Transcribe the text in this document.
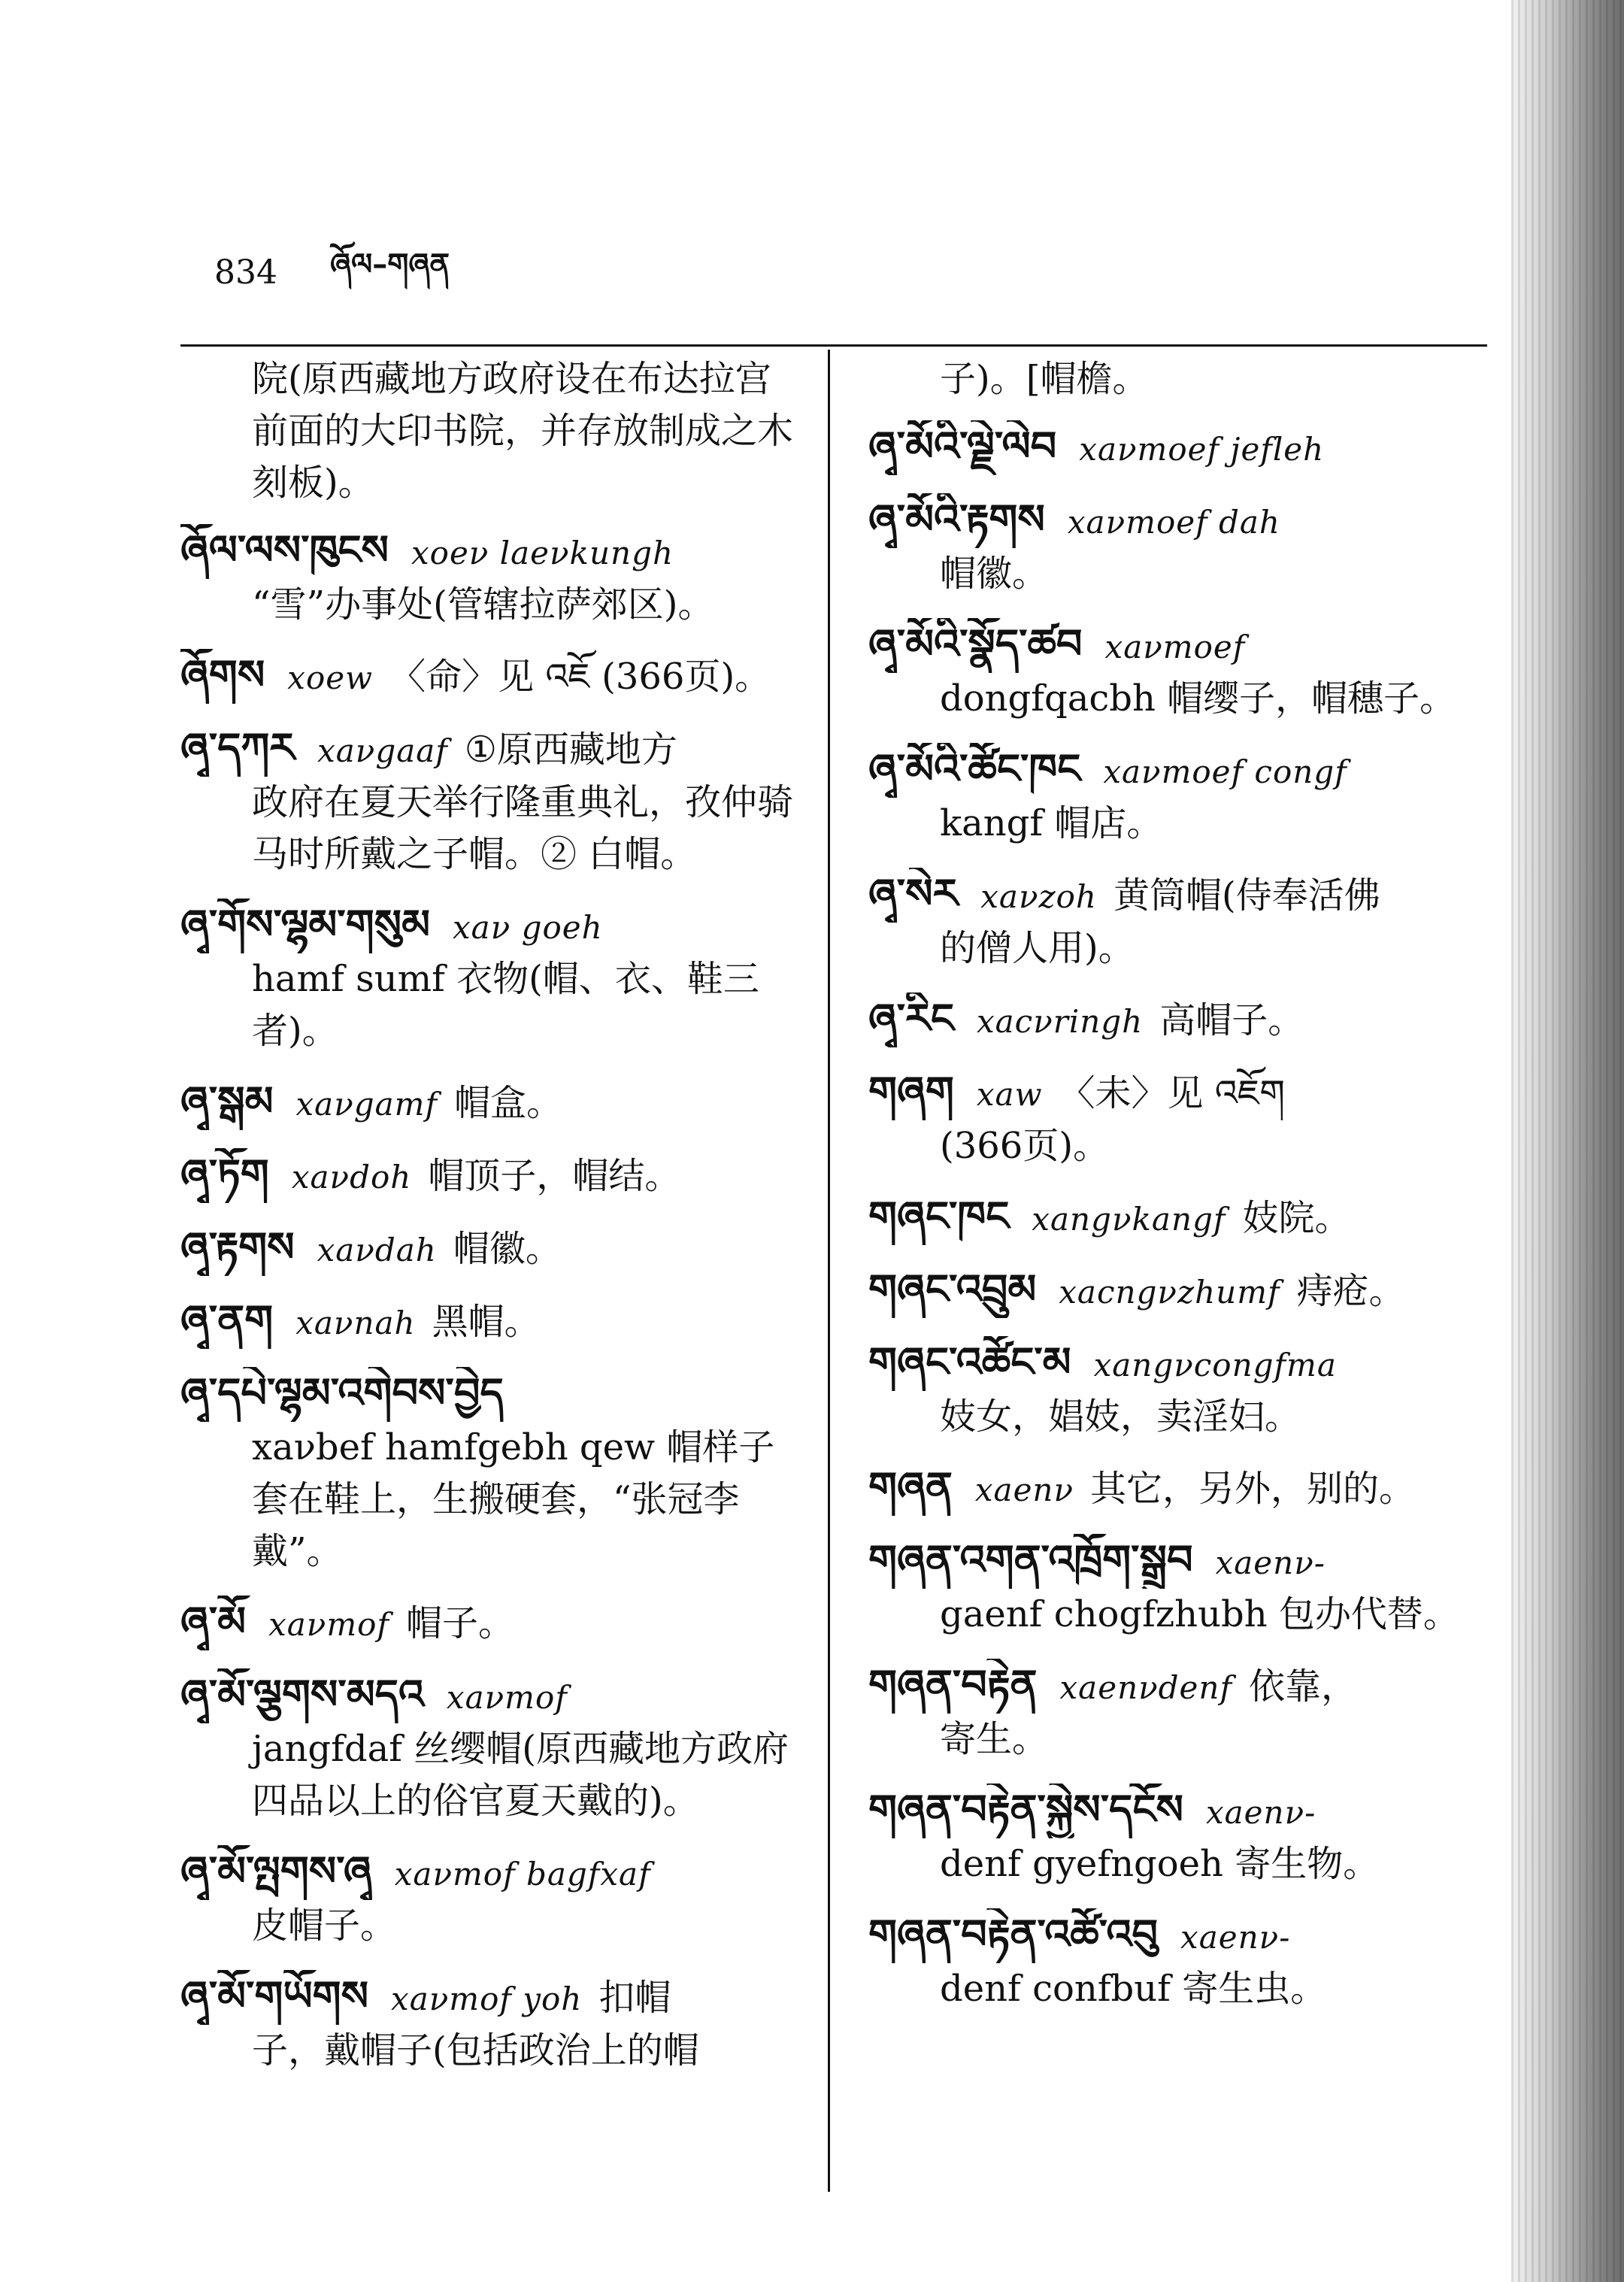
834 ཞོལ–གཞན
院(原西藏地方政府设在布达拉宫前面的大印书院，并存放制成之木刻板)。
ཞོལ་ལས་ཁུངས xoeν laeνkungh
“雪”办事处(管辖拉萨郊区)。
ཞོགས xoew 〈命〉见 འཇོ (366页)。
ཞྭ་དཀར xaνgaaf ①原西藏地方
政府在夏天举行隆重典礼，孜仲骑马时所戴之子帽。② 白帽。
ཞྭ་གོས་ལྷམ་གསུམ xaν goeh
hamf sumf 衣物(帽、衣、鞋三者)。
ཞྭ་སྒམ xaνgamf 帽盒。
ཞྭ་ཏོག xaνdoh 帽顶子，帽结。
ཞྭ་རྟགས xaνdah 帽徽。
ཞྭ་ནག xaνnah 黑帽。
ཞྭ་དཔེ་ལྷམ་འགེབས་བྱེད
xaνbef hamfgebh qew 帽样子套在鞋上，生搬硬套，“张冠李戴”。
ཞྭ་མོ xaνmof 帽子。
ཞྭ་མོ་ལྕགས་མདའ xaνmof
jangfdaf 丝缨帽(原西藏地方政府四品以上的俗官夏天戴的)。
ཞྭ་མོ་ལྤགས་ཞྭ xaνmof bagfxaf
皮帽子。
ཞྭ་མོ་གཡོགས xaνmof yoh 扣帽
子，戴帽子(包括政治上的帽
子)。[帽檐。
ཞྭ་མོའི་ལྗེ་ལེབ xaνmoef jefleh
ཞྭ་མོའི་རྟགས xaνmoef dah
帽徽。
ཞྭ་མོའི་སྣོད་ཚབ xaνmoef
dongfqacbh 帽缨子，帽穗子。
ཞྭ་མོའི་ཚོང་ཁང xaνmoef congf
kangf 帽店。
ཞྭ་སེར xaνzoh 黄筒帽(侍奉活佛
的僧人用)。
ཞྭ་རིང xacνringh 高帽子。
གཞག xaw 〈未〉见 འཇོག
(366页)。
གཞང་ཁང xangνkangf 妓院。
གཞང་འབྲུམ xacngνzhumf 痔疮。
གཞང་འཚོང་མ xangνcongfma
妓女，娼妓，卖淫妇。
གཞན xaenν 其它，另外，别的。
གཞན་འགན་འཁྲོག་སྒྲུབ xaenν-
gaenf chogfzhubh 包办代替。
གཞན་བརྟེན xaenνdenf 依靠，
寄生。
གཞན་བརྟེན་སྐྱེས་དངོས xaenν-
denf gyefngoeh 寄生物。
གཞན་བརྟེན་འཚོ་འབུ xaenν-
denf confbuf 寄生虫。
